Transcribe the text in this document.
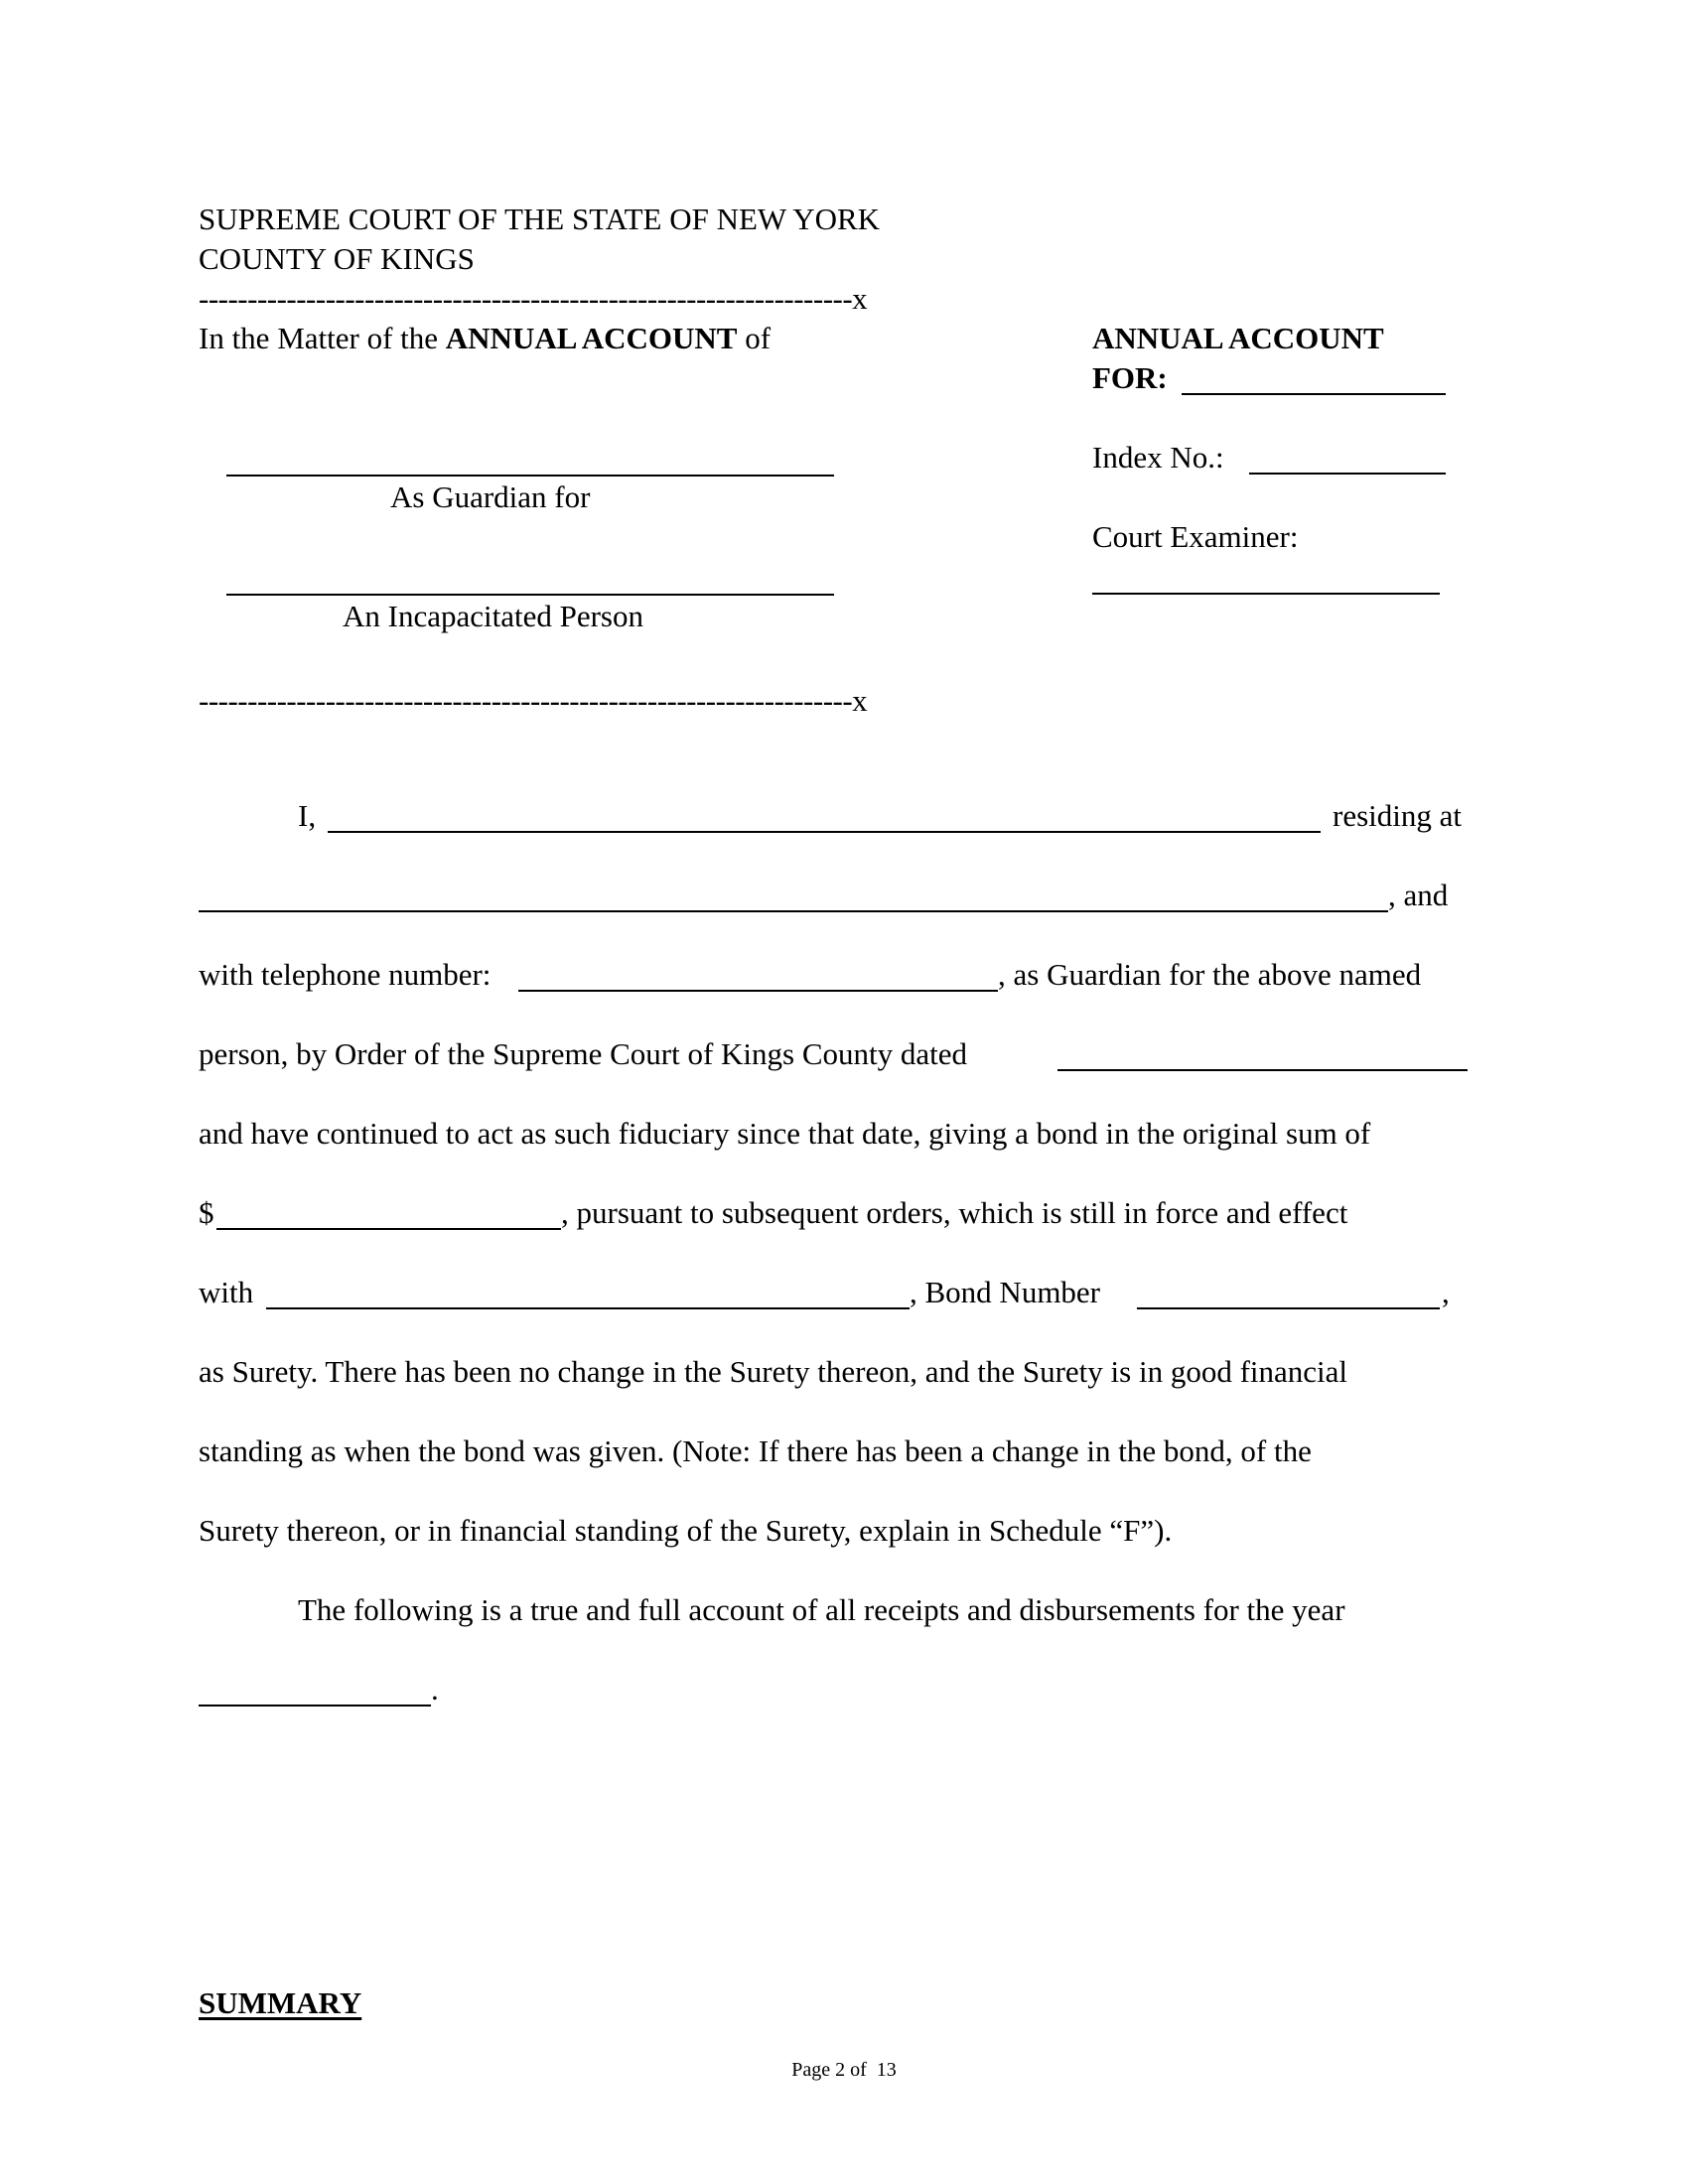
SUPREME COURT OF THE STATE OF NEW YORK
COUNTY OF KINGS
-------------------------------------------------------------------x
In the Matter of the ANNUAL ACCOUNT of
As Guardian for
An Incapacitated Person
-------------------------------------------------------------------x
ANNUAL ACCOUNT
FOR:
Index No.:
Court Examiner:
I,	residing at
, and
with telephone number:	, as Guardian for the above named
person, by Order of the Supreme Court of Kings County dated
and have continued to act as such fiduciary since that date, giving a bond in the original sum of
$	, pursuant to subsequent orders, which is still in force and effect
with	, Bond Number	,
as Surety. There has been no change in the Surety thereon, and the Surety is in good financial
standing as when the bond was given. (Note: If there has been a change in the bond, of the
Surety thereon, or in financial standing of the Surety, explain in Schedule “F”).
The following is a true and full account of all receipts and disbursements for the year
.
SUMMARY
Page 2 of  13
